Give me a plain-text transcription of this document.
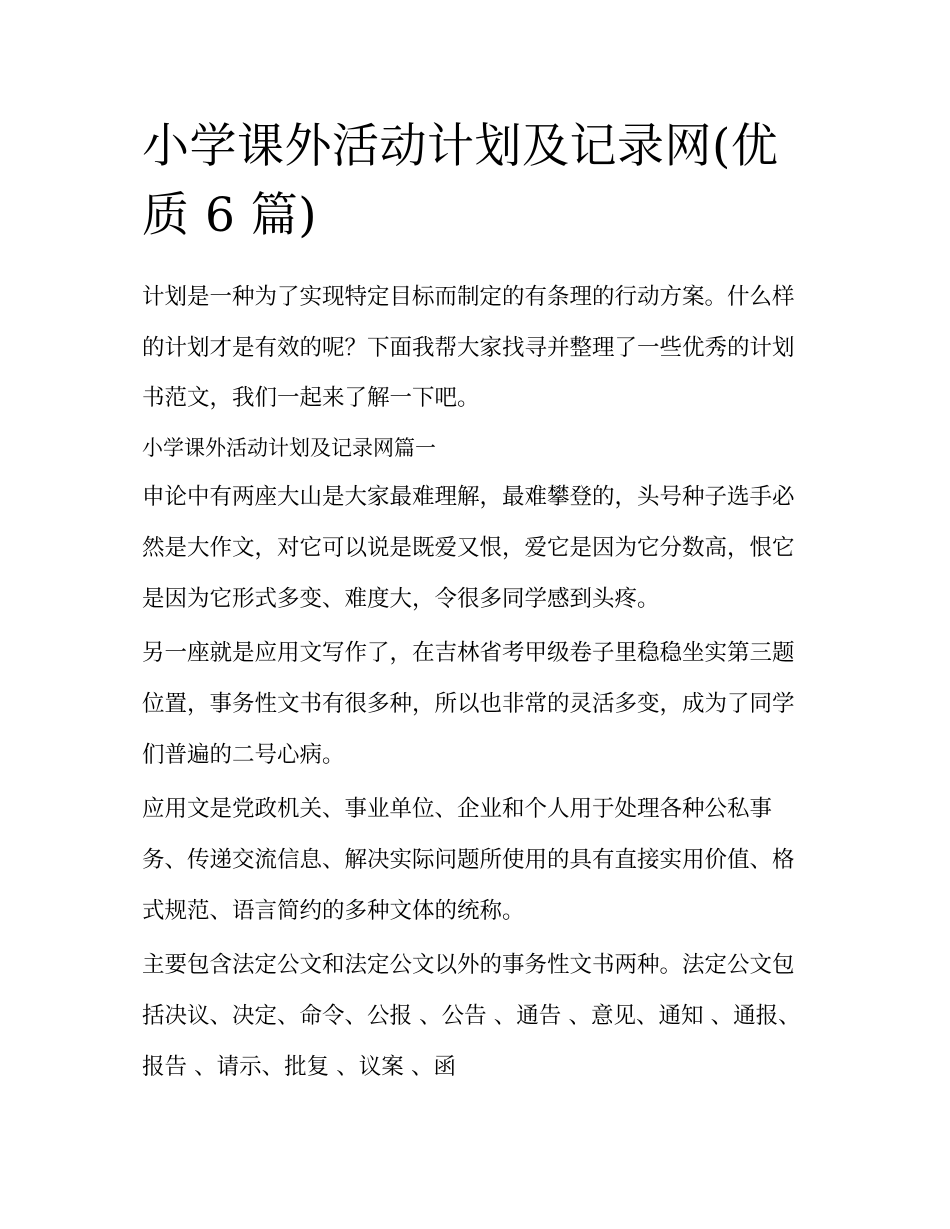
小学课外活动计划及记录网(优质 6 篇)

计划是一种为了实现特定目标而制定的有条理的行动方案。什么样的计划才是有效的呢？下面我帮大家找寻并整理了一些优秀的计划书范文，我们一起来了解一下吧。

小学课外活动计划及记录网篇一

申论中有两座大山是大家最难理解，最难攀登的，头号种子选手必然是大作文，对它可以说是既爱又恨，爱它是因为它分数高，恨它是因为它形式多变、难度大，令很多同学感到头疼。

另一座就是应用文写作了，在吉林省考甲级卷子里稳稳坐实第三题位置，事务性文书有很多种，所以也非常的灵活多变，成为了同学们普遍的二号心病。

应用文是党政机关、事业单位、企业和个人用于处理各种公私事务、传递交流信息、解决实际问题所使用的具有直接实用价值、格式规范、语言简约的多种文体的统称。

主要包含法定公文和法定公文以外的事务性文书两种。法定公文包括决议、决定、命令、公报 、公告 、通告 、意见、通知 、通报、报告 、请示、批复 、议案 、函
